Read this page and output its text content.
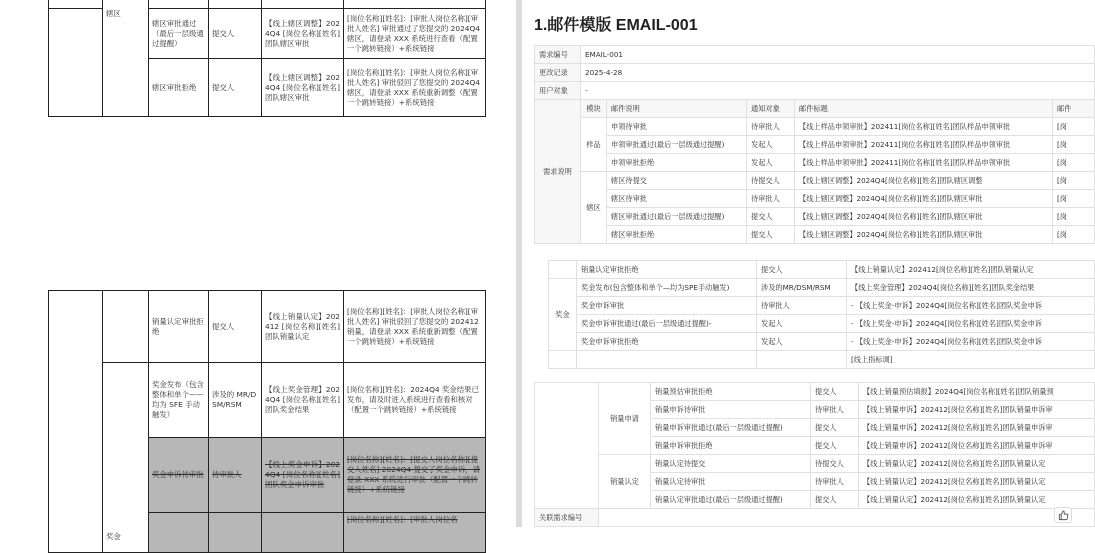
	辖区				
		辖区审批通过（最后一层级通过提醒）	提交人	【线上辖区调整】2024Q4 [岗位名称][姓名]团队辖区审批	[岗位名称][姓名]：[审批人岗位名称][审批人姓名] 审批通过了您提交的 2024Q4 辖区，请登录 XXX 系统进行查看（配置一个跳转链接）+系统链接
		辖区审批拒绝	提交人	【线上辖区调整】2024Q4 [岗位名称][姓名]团队辖区审批	[岗位名称][姓名]：[审批人岗位名称][审批人姓名] 审批驳回了您提交的 2024Q4 辖区，请登录 XXX 系统重新调整（配置一个跳转链接）+系统链接
		销量认定审批拒绝	提交人	【线上销量认定】202412 [岗位名称][姓名]团队销量认定	[岗位名称][姓名]：[审批人岗位名称][审批人姓名] 审批驳回了您提交的 202412 销量，请登录 XXX 系统重新调整（配置一个跳转链接）+系统链接
	奖金	奖金发布（包含整体和单个——均为 SFE 手动触发）	涉及的 MR/DSM/RSM	【线上奖金管理】2024Q4 [岗位名称][姓名]团队奖金结果	[岗位名称][姓名]：2024Q4 奖金结果已发布，请及时进入系统进行查看和核对（配置一个跳转链接）+系统链接
		奖金申诉待审批	待审批人	【线上奖金申诉】2024Q4 [岗位名称][姓名]团队奖金申诉审批	[岗位名称][姓名]：[提交人岗位名称][提交人姓名] 2024Q4 提交了奖金申诉，请登录 XXX 系统进行审批（配置一个跳转链接）+系统链接
					[岗位名称][姓名]：[审批人岗位名
1.邮件模版 EMAIL-001
需求编号	EMAIL-001				
更改记录	2025-4-28				
用户对象	-				
需求说明	模块	邮件说明	通知对象	邮件标题	邮件
	样品	申领待审批	待审批人	【线上样品申领审批】202411[岗位名称][姓名]团队样品申领审批	[岗
		申领审批通过(最后一层级通过提醒)	发起人	【线上样品申领审批】202411[岗位名称][姓名]团队样品申领审批	[岗
		申领审批拒绝	发起人	【线上样品申领审批】202411[岗位名称][姓名]团队样品申领审批	[岗
	辖区	辖区待提交	待提交人	【线上辖区调整】2024Q4[岗位名称][姓名]团队辖区调整	[岗
		辖区待审批	待审批人	【线上辖区调整】2024Q4[岗位名称][姓名]团队辖区审批	[岗
		辖区审批通过(最后一层级通过提醒)	提交人	【线上辖区调整】2024Q4[岗位名称][姓名]团队辖区审批	[岗
		辖区审批拒绝	提交人	【线上辖区调整】2024Q4[岗位名称][姓名]团队辖区审批	[岗
	销量认定审批拒绝	提交人	【线上销量认定】202412[岗位名称][姓名]团队销量认定
奖金	奖金发布(包含整体和单个—均为SPE手动触发)	涉及的MR/DSM/RSM	【线上奖金管理】2024Q4[岗位名称][姓名]团队奖金结果
	奖金申诉审批	待审批人	- 【线上奖金-申诉】2024Q4[岗位名称][姓名]团队奖金申诉
	奖金申诉审批通过(最后一层级通过提醒)-	发起人	- 【线上奖金-申诉】2024Q4[岗位名称][姓名]团队奖金申诉
	奖金申诉审批拒绝	发起人	- 【线上奖金-申诉】2024Q4[岗位名称][姓名]团队奖金申诉
			[线上指标调]
	销量申请	销量预估审批拒绝	提交人	【线上销量预估填报】2024Q4[岗位名称][姓名]团队销量预
		销量申诉待审批	待审批人	【线上销量申诉】202412[岗位名称][姓名]团队销量申诉审
		销量申诉审批通过(最后一层级通过提醒)	提交人	【线上销量申诉】202412[岗位名称][姓名]团队销量申诉审
		销量申诉审批拒绝	提交人	【线上销量申诉】202412[岗位名称][姓名]团队销量申诉审
	销量认定	销量认定待提交	待提交人	【线上销量认定】202412[岗位名称][姓名]团队销量认定
		销量认定待审批	待审批人	【线上销量认定】202412[岗位名称][姓名]团队销量认定
		销量认定审批通过(最后一层级通过提醒)	提交人	【线上销量认定】202412[岗位名称][姓名]团队销量认定
关联需求编号				
